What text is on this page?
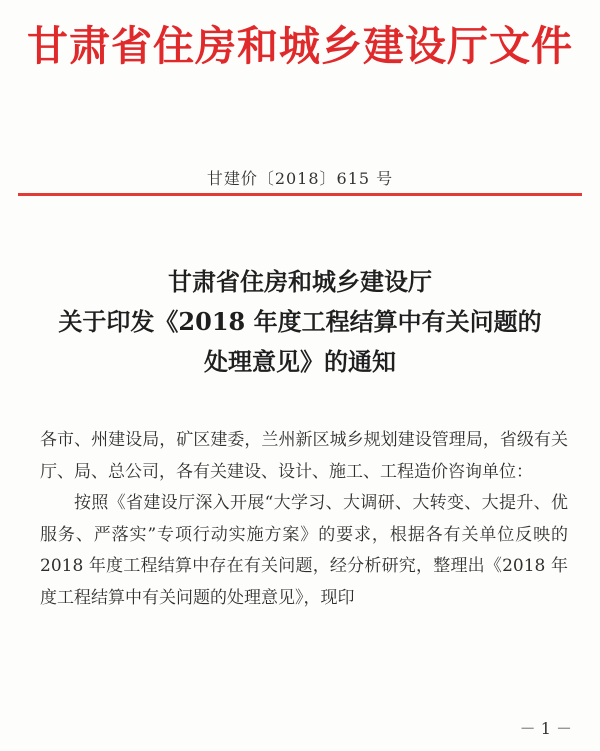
甘肃省住房和城乡建设厅文件
甘建价〔2018〕615 号
甘肃省住房和城乡建设厅
关于印发《2018 年度工程结算中有关问题的
处理意见》的通知

各市、州建设局，矿区建委，兰州新区城乡规划建设管理局，省级有关厅、局、总公司，各有关建设、设计、施工、工程造价咨询单位：

按照《省建设厅深入开展“大学习、大调研、大转变、大提升、优服务、严落实”专项行动实施方案》的要求，根据各有关单位反映的 2018 年度工程结算中存在有关问题，经分析研究，整理出《2018 年度工程结算中有关问题的处理意见》，现印

－ 1 －
